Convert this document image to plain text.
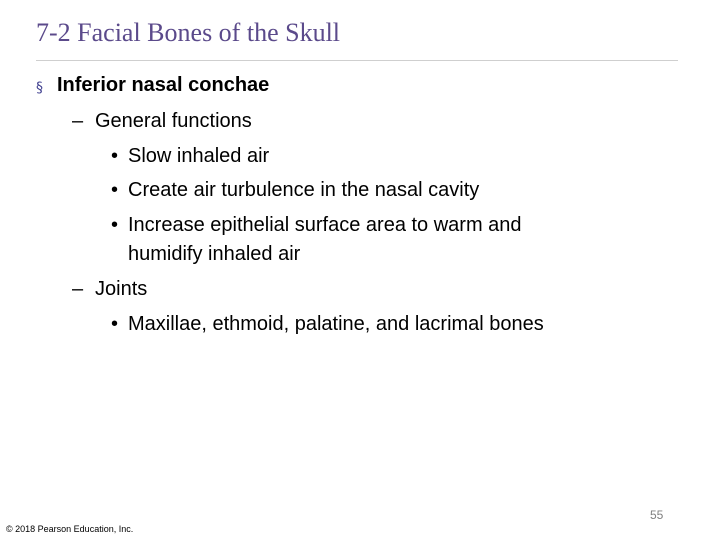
7-2 Facial Bones of the Skull
§ Inferior nasal conchae
– General functions
• Slow inhaled air
• Create air turbulence in the nasal cavity
• Increase epithelial surface area to warm and
humidify inhaled air
– Joints
• Maxillae, ethmoid, palatine, and lacrimal bones
55
© 2018 Pearson Education, Inc.
